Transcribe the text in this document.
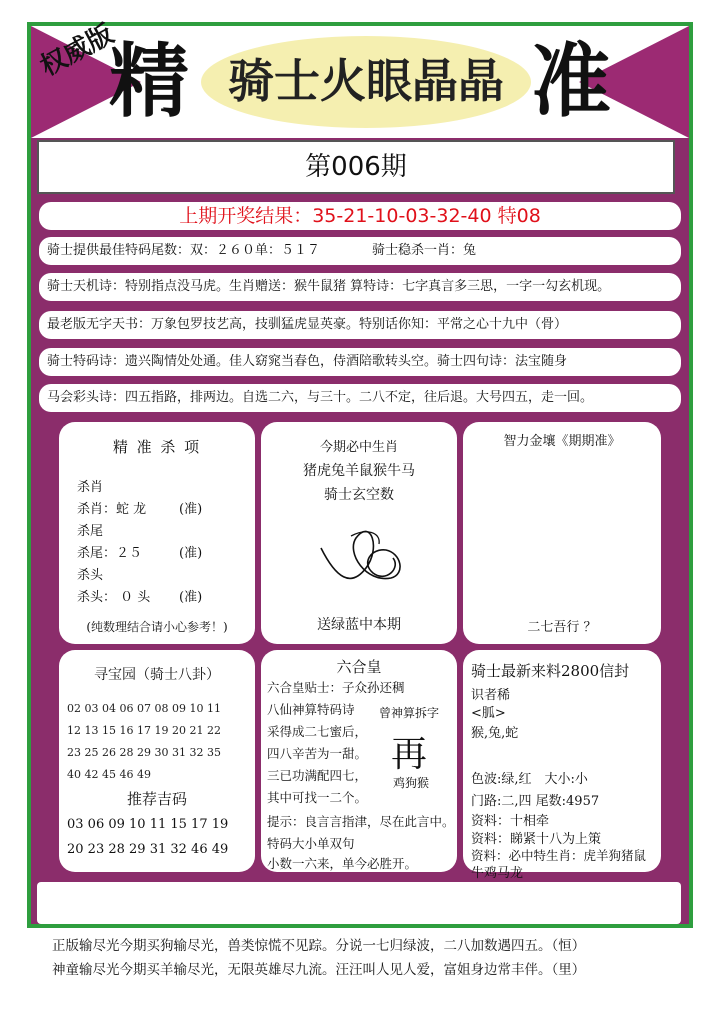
权威版
精 骑士火眼晶晶 准
第006期
上期开奖结果：35-21-10-03-32-40 特08
骑士提供最佳特码尾数：双：２６０单：５１７　　　　骑士稳杀一肖：兔
骑士天机诗：特别指点没马虎。生肖赠送：猴牛鼠猪 算特诗：七字真言多三思，一字一勾玄机现。
最老版无字天书：万象包罗技艺高，技驯猛虎显英豪。特别话你知：平常之心十九中（骨）
骑士特码诗：遗兴陶情处处通。佳人窈窕当春色，侍酒陪歌转头空。骑士四句诗：法宝随身
马会彩头诗：四五指路，排两边。自选二六，与三十。二八不定，往后退。大号四五，走一回。
精 准 杀 项
杀肖
杀肖：蛇 龙	(准)
杀尾
杀尾：２５	(准)
杀头
杀头： ０ 头 (准)
(纯数理结合请小心参考！)
今期必中生肖
猪虎兔羊鼠猴牛马
骑士玄空数
送绿蓝中本期
智力金壤《期期准》
二七吾行 ？
寻宝园（骑士八卦）
02 03 04 06 07 08 09 10 11
12 13 15 16 17 19 20 21 22
23 25 26 28 29 30 31 32 35
40 42 45 46 49
推荐吉码
03 06 09 10 11 15 17 19
20 23 28 29 31 32 46 49
六合皇
六合皇贴士：子众孙还稠
八仙神算特码诗
采得成二七蜜后，
四八辛苦为一甜。
三已功满配四七，
其中可找一二个。
曾神算拆字
再
鸡狗猴
提示：良言言指津，尽在此言中。
特码大小单双句
小数一六来，单今必胜开。
骑士最新来料2800信封
识者稀
<胍>
猴,兔,蛇
色波:绿,红　大小:小
门路:二,四 尾数:4957
资料：十相牵
资料：睇紧十八为上策
资料：必中特生肖：虎羊狗猪鼠
牛鸡马龙
正版输尽光今期买狗输尽光，兽类惊慌不见踪。分说一七归绿波，二八加数遇四五。（恒）
神童输尽光今期买羊输尽光，无限英雄尽九流。汪汪叫人见人爱，富姐身边常丰伴。（里）
